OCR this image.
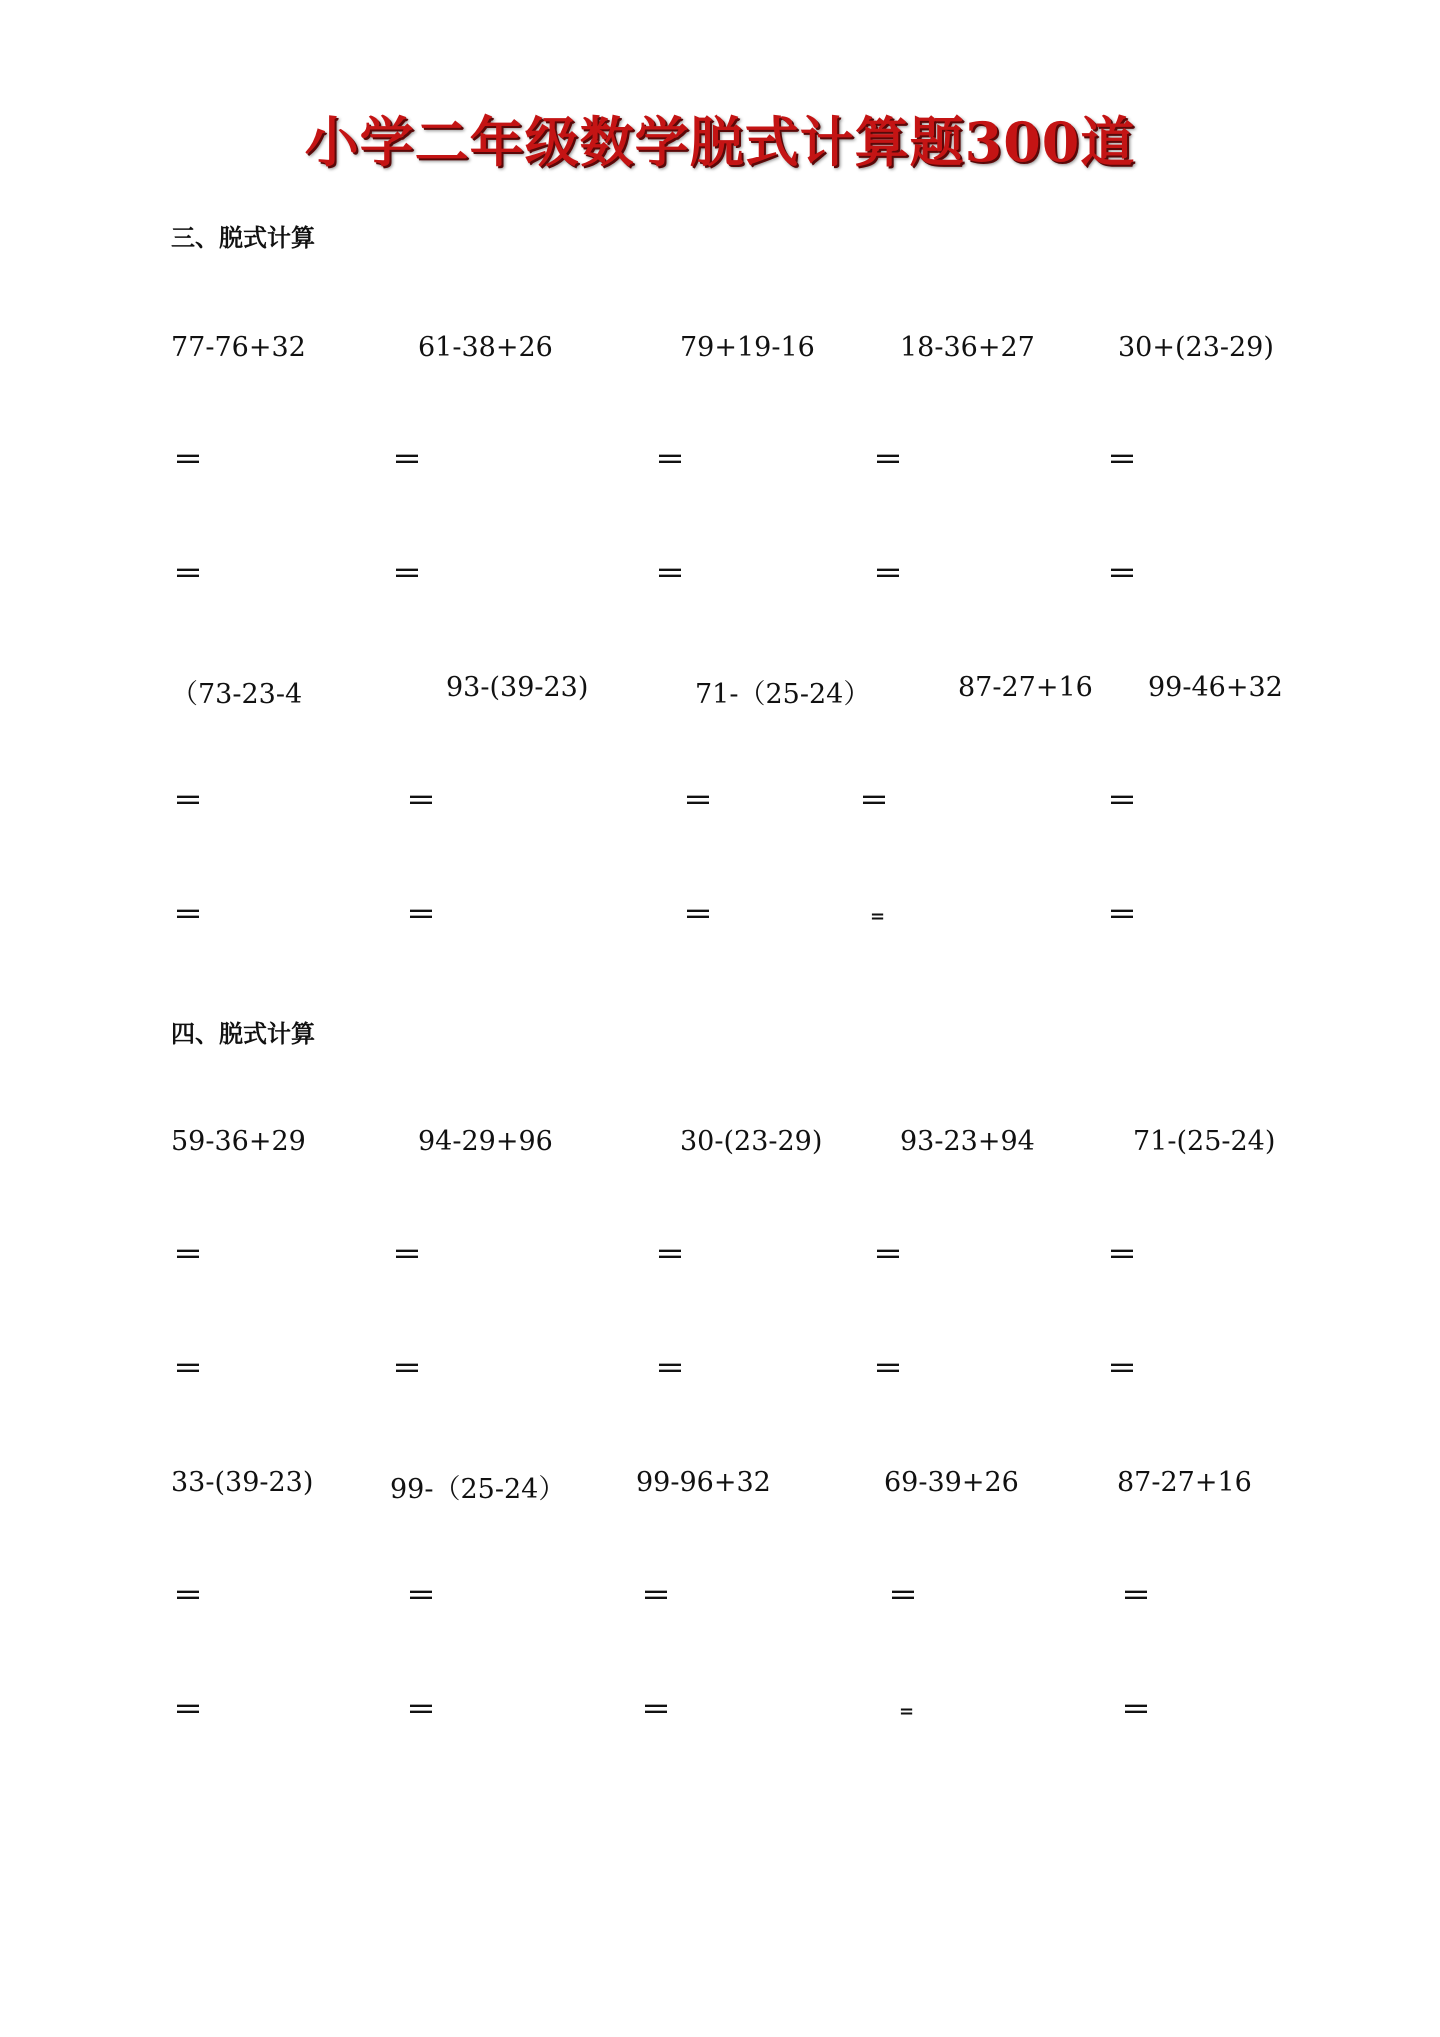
小学二年级数学脱式计算题300道
三、脱式计算
77-76+32	61-38+26	79+19-16	18-36+27	30+(23-29)
＝	＝	＝	＝	＝
＝	＝	＝	＝	＝
（73-23-4	93-(39-23)	71-（25-24）	87-27+16 99-46+32
＝	＝	＝	＝	＝
＝	＝	＝	=	＝
四、脱式计算
59-36+29	94-29+96	30-(23-29)	93-23+94	71-(25-24)
＝	＝	＝	＝	＝
＝	＝	＝	＝	＝
33-(39-23)	99-（25-24）	99-96+32	69-39+26	87-27+16
＝	＝	＝	＝	＝
＝	＝	＝	=	＝
